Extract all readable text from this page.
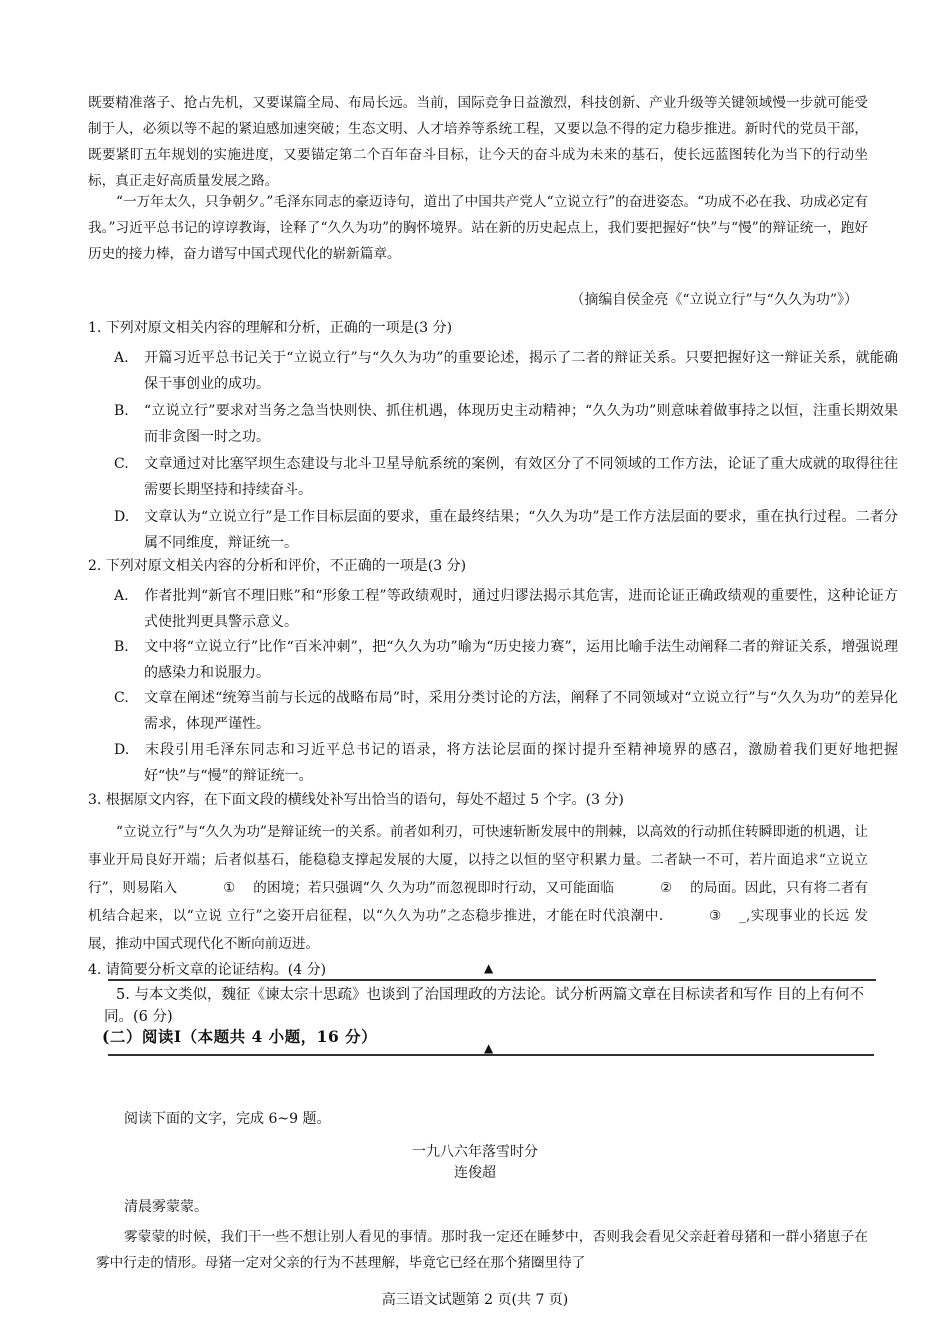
既要精准落子、抢占先机，又要谋篇全局、布局长远。当前，国际竞争日益激烈，科技创新、产业升级等关键领域慢一步就可能受制于人，必须以等不起的紧迫感加速突破；生态文明、人才培养等系统工程，又要以急不得的定力稳步推进。新时代的党员干部，既要紧盯五年规划的实施进度，又要锚定第二个百年奋斗目标，让今天的奋斗成为未来的基石，使长远蓝图转化为当下的行动坐标，真正走好高质量发展之路。

“一万年太久，只争朝夕。”毛泽东同志的豪迈诗句，道出了中国共产党人“立说立行”的奋进姿态。“功成不必在我、功成必定有我。”习近平总书记的谆谆教诲，诠释了“久久为功”的胸怀境界。站在新的历史起点上，我们要把握好“快”与“慢”的辩证统一，跑好历史的接力棒，奋力谱写中国式现代化的崭新篇章。

（摘编自侯金亮《“立说立行”与“久久为功”》）

1. 下列对原文相关内容的理解和分析，正确的一项是(3 分)

A. 开篇习近平总书记关于“立说立行”与“久久为功”的重要论述，揭示了二者的辩证关系。只要把握好这一辩证关系，就能确保干事创业的成功。

B. “立说立行”要求对当务之急当快则快、抓住机遇，体现历史主动精神；“久久为功”则意味着做事持之以恒，注重长期效果而非贪图一时之功。

C. 文章通过对比塞罕坝生态建设与北斗卫星导航系统的案例，有效区分了不同领域的工作方法，论证了重大成就的取得往往需要长期坚持和持续奋斗。

D. 文章认为“立说立行”是工作目标层面的要求，重在最终结果；“久久为功”是工作方法层面的要求，重在执行过程。二者分属不同维度，辩证统一。

2. 下列对原文相关内容的分析和评价，不正确的一项是(3 分)

A. 作者批判“新官不理旧账”和“形象工程”等政绩观时，通过归谬法揭示其危害，进而论证正确政绩观的重要性，这种论证方式使批判更具警示意义。

B. 文中将“立说立行”比作“百米冲刺”，把“久久为功”喻为“历史接力赛”，运用比喻手法生动阐释二者的辩证关系，增强说理的感染力和说服力。

C. 文章在阐述“统筹当前与长远的战略布局”时，采用分类讨论的方法，阐释了不同领域对“立说立行”与“久久为功”的差异化需求，体现严谨性。

D. 末段引用毛泽东同志和习近平总书记的语录，将方法论层面的探讨提升至精神境界的感召，激励着我们更好地把握好“快”与“慢”的辩证统一。

3. 根据原文内容，在下面文段的横线处补写出恰当的语句，每处不超过 5 个字。(3 分)

“立说立行”与“久久为功”是辩证统一的关系。前者如利刃，可快速斩断发展中的荆棘，以高效的行动抓住转瞬即逝的机遇，让事业开局良好开端；后者似基石，能稳稳支撑起发展的大厦，以持之以恒的坚守积累力量。二者缺一不可，若片面追求“立说立行”，则易陷入	① 的困境；若只强调“久 久为功”而忽视即时行动，又可能面临	② 的局面。因此，只有将二者有机结合起来，以“立说 立行”之姿开启征程，以“久久为功”之态稳步推进，才能在时代浪潮中.	③ _,实现事业的长远 发展，推动中国式现代化不断向前迈进。

4. 请简要分析文章的论证结构。(4 分)	▲

5. 与本文类似，魏征《谏太宗十思疏》也谈到了治国理政的方法论。试分析两篇文章在目标读者和写作 目的上有何不同。(6 分)

(二）阅读Ⅰ（本题共 4 小题，16 分）
▲
阅读下面的文字，完成 6~9 题。
一九八六年落雪时分
连俊超
清晨雾蒙蒙。

雾蒙蒙的时候，我们干一些不想让别人看见的事情。那时我一定还在睡梦中，否则我会看见父亲赶着母猪和一群小猪崽子在雾中行走的情形。母猪一定对父亲的行为不甚理解，毕竟它已经在那个猪圈里待了

高三语文试题第 2 页(共 7 页)
